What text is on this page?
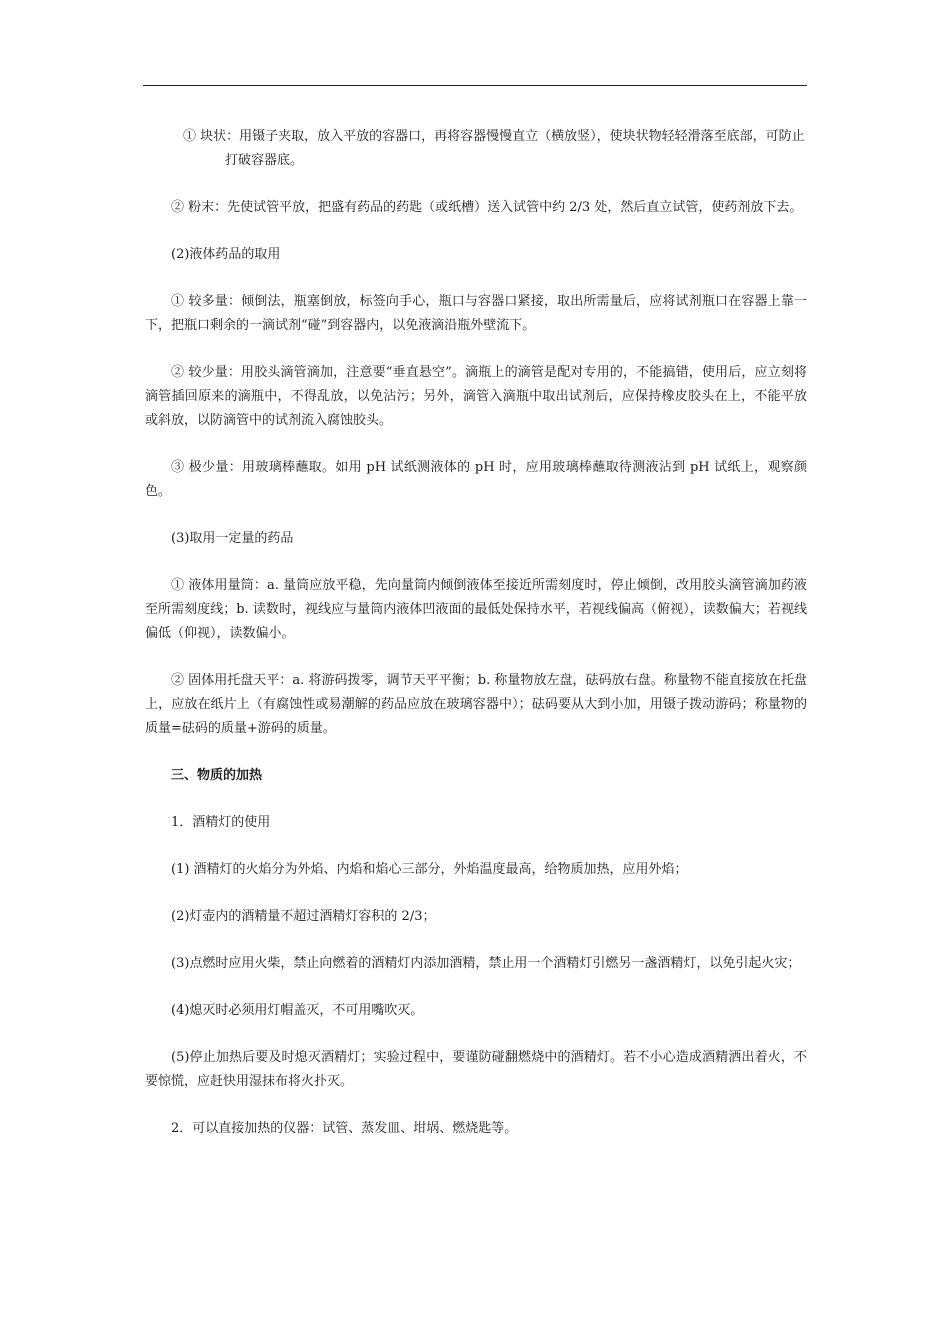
① 块状：用镊子夹取，放入平放的容器口，再将容器慢慢直立（横放竖），使块状物轻轻滑落至底部，可防止打破容器底。

② 粉末：先使试管平放，把盛有药品的药匙（或纸槽）送入试管中约 2/3 处，然后直立试管，使药剂放下去。

(2)液体药品的取用

① 较多量：倾倒法，瓶塞倒放，标签向手心，瓶口与容器口紧接，取出所需量后，应将试剂瓶口在容器上靠一下，把瓶口剩余的一滴试剂“碰”到容器内，以免液滴沿瓶外壁流下。

② 较少量：用胶头滴管滴加，注意要“垂直悬空”。滴瓶上的滴管是配对专用的，不能搞错，使用后，应立刻将滴管插回原来的滴瓶中，不得乱放，以免沾污；另外，滴管入滴瓶中取出试剂后，应保持橡皮胶头在上，不能平放或斜放，以防滴管中的试剂流入腐蚀胶头。

③ 极少量：用玻璃棒蘸取。如用 pH 试纸测液体的 pH 时，应用玻璃棒蘸取待测液沾到 pH 试纸上，观察颜色。

(3)取用一定量的药品

① 液体用量筒：a. 量筒应放平稳，先向量筒内倾倒液体至接近所需刻度时，停止倾倒，改用胶头滴管滴加药液至所需刻度线；b. 读数时，视线应与量筒内液体凹液面的最低处保持水平，若视线偏高（俯视），读数偏大；若视线偏低（仰视），读数偏小。

② 固体用托盘天平：a. 将游码拨零，调节天平平衡；b. 称量物放左盘，砝码放右盘。称量物不能直接放在托盘上，应放在纸片上（有腐蚀性或易潮解的药品应放在玻璃容器中）；砝码要从大到小加，用镊子拨动游码；称量物的质量=砝码的质量+游码的质量。

三、物质的加热

1．酒精灯的使用

(1) 酒精灯的火焰分为外焰、内焰和焰心三部分，外焰温度最高，给物质加热，应用外焰；

(2)灯壶内的酒精量不超过酒精灯容积的 2/3；

(3)点燃时应用火柴，禁止向燃着的酒精灯内添加酒精，禁止用一个酒精灯引燃另一盏酒精灯，以免引起火灾；

(4)熄灭时必须用灯帽盖灭，不可用嘴吹灭。

(5)停止加热后要及时熄灭酒精灯；实验过程中，要谨防碰翻燃烧中的酒精灯。若不小心造成酒精洒出着火，不要惊慌，应赶快用湿抹布将火扑灭。

2．可以直接加热的仪器：试管、蒸发皿、坩埚、燃烧匙等。
